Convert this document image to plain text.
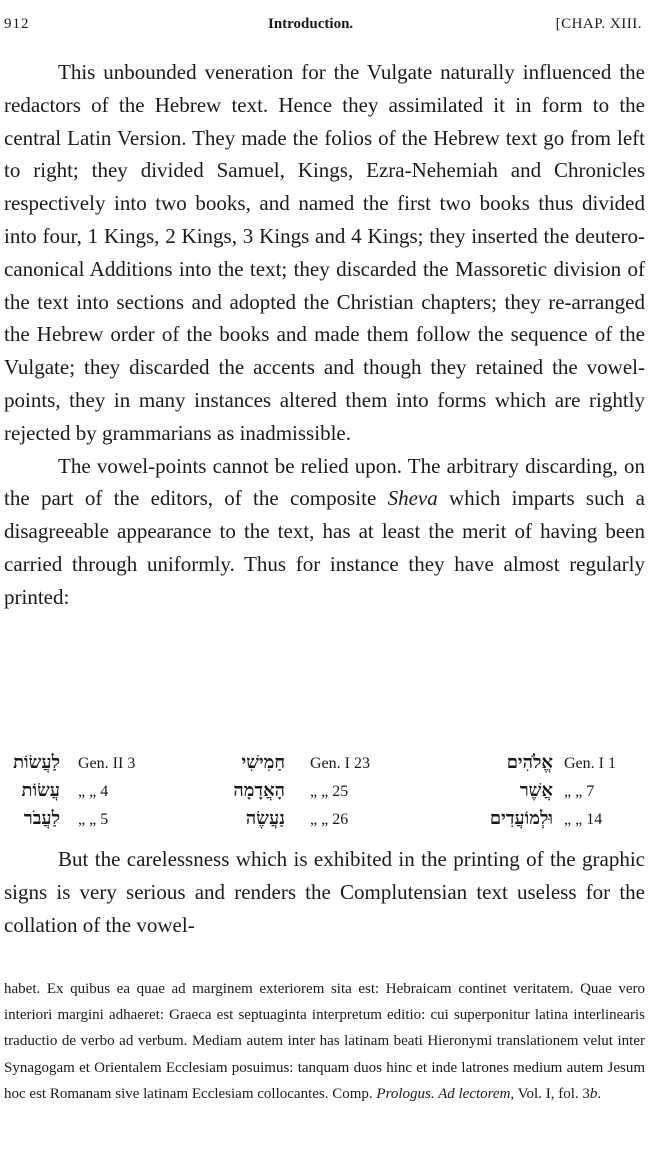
912	Introduction.	[CHAP. XIII.

This unbounded veneration for the Vulgate naturally influenced the redactors of the Hebrew text. Hence they assimilated it in form to the central Latin Version. They made the folios of the Hebrew text go from left to right; they divided Samuel, Kings, Ezra-Nehemiah and Chronicles respectively into two books, and named the first two books thus divided into four, 1 Kings, 2 Kings, 3 Kings and 4 Kings; they inserted the deutero-canonical Additions into the text; they discarded the Massoretic division of the text into sections and adopted the Christian chapters; they re-arranged the Hebrew order of the books and made them follow the sequence of the Vulgate; they discarded the accents and though they retained the vowel-points, they in many instances altered them into forms which are rightly rejected by grammarians as inadmissible.

The vowel-points cannot be relied upon. The arbitrary discarding, on the part of the editors, of the composite Sheva which imparts such a disagreeable appearance to the text, has at least the merit of having been carried through uniformly. Thus for instance they have almost regularly printed:

לַעֲשׂוֹת Gen. II 3	חַמִישִׁי Gen. I 23	אֱלֹהִים Gen. I 1
עֲשׂוֹת „ „ 4	הָאֲדָמָה „ „ 25	אֲשֶׁר „ „ 7
לַעֲבֹר „ „ 5	נַעֲשֶׂה „ „ 26	וּלְמוֹעֲדִים „ „ 14

But the carelessness which is exhibited in the printing of the graphic signs is very serious and renders the Complutensian text useless for the collation of the vowel-

habet. Ex quibus ea quae ad marginem exteriorem sita est: Hebraicam continet veritatem. Quae vero interiori margini adhaeret: Graeca est septuaginta interpretum editio: cui superponitur latina interlinearis traductio de verbo ad verbum. Mediam autem inter has latinam beati Hieronymi translationem velut inter Synagogam et Orientalem Ecclesiam posuimus: tanquam duos hinc et inde latrones medium autem Jesum hoc est Romanam sive latinam Ecclesiam collocantes. Comp. Prologus. Ad lectorem, Vol. I, fol. 3b.
